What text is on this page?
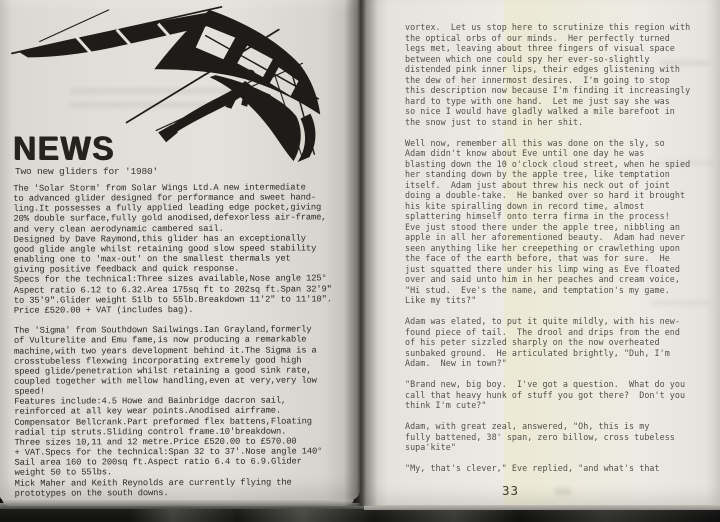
NEWS
Two new gliders for '1980'
The 'Solar Storm' from Solar Wings Ltd.A new intermediate
to advanced glider designed for performance and sweet hand-
ling.It possesses a fully applied leading edge pocket,giving
20% double surface,fully gold anodised,defexorless air-frame,
and very clean aerodynamic cambered sail.
Designed by Dave Raymond,this glider has an exceptionally
good glide angle whilst retaining good slow speed stability
enabling one to 'max-out' on the smallest thermals yet
giving positive feedback and quick response.
Specs for the technical:Three sizes available,Nose angle 125°
Aspect ratio 6.12 to 6.32.Area 175sq ft to 202sq ft.Span 32'9"
to 35'9".Glider weight 51lb to 55lb.Breakdown 11'2" to 11'10".
Price £520.00 + VAT (includes bag).

The 'Sigma' from Southdown Sailwings.Ian Grayland,formerly
of Vulturelite and Emu fame,is now producing a remarkable
machine,with two years development behind it.The Sigma is a
crosstubeless flexwing incorporating extremely good high
speed glide/penetration whilst retaining a good sink rate,
coupled together with mellow handling,even at very,very low
speed!
Features include:4.5 Howe and Bainbridge dacron sail,
reinforced at all key wear points.Anodised airframe.
Compensator Bellcrank.Part preformed flex battens,Floating
radial tip struts.Sliding control frame.10'breakdown.
Three sizes 10,11 and 12 metre.Price £520.00 to £570.00
+ VAT.Specs for the technical:Span 32 to 37'.Nose angle 140°
Sail area 160 to 200sq ft.Aspect ratio 6.4 to 6.9.Glider
weight 50 to 55lbs.
Mick Maher and Keith Reynolds are currently flying the
prototypes on the south downs.
vortex.  Let us stop here to scrutinize this region with
the optical orbs of our minds.  Her perfectly turned
legs met, leaving about three fingers of visual space
between which one could spy her ever-so-slightly
distended pink inner lips, their edges glistening with
the dew of her innermost desires.  I'm going to stop
this description now because I'm finding it increasingly
hard to type with one hand.  Let me just say she was
so nice I would have gladly walked a mile barefoot in
the snow just to stand in her shit.

Well now, remember all this was done on the sly, so
Adam didn't know about Eve until one day he was
blasting down the 10 o'clock cloud street, when he spied
her standing down by the apple tree, like temptation
itself.  Adam just about threw his neck out of joint
doing a double-take.  He banked over so hard it brought
his kite spiralling down in record time, almost
splattering himself onto terra firma in the process!
Eve just stood there under the apple tree, nibbling an
apple in all her aforementioned beauty.  Adam had never
seen anything like her creepething or crawlething upon
the face of the earth before, that was for sure.  He
just squatted there under his limp wing as Eve floated
over and said unto him in her peaches and cream voice,
"Hi stud.  Eve's the name, and temptation's my game.
Like my tits?"

Adam was elated, to put it quite mildly, with his new-
found piece of tail.  The drool and drips from the end
of his peter sizzled sharply on the now overheated
sunbaked ground.  He articulated brightly, "Duh, I'm
Adam.  New in town?"

"Brand new, big boy.  I've got a question.  What do you
call that heavy hunk of stuff you got there?  Don't you
think I'm cute?"

Adam, with great zeal, answered, "Oh, this is my
fully battened, 38' span, zero billow, cross tubeless
supa'kite"

"My, that's clever," Eve replied, "and what's that
33
